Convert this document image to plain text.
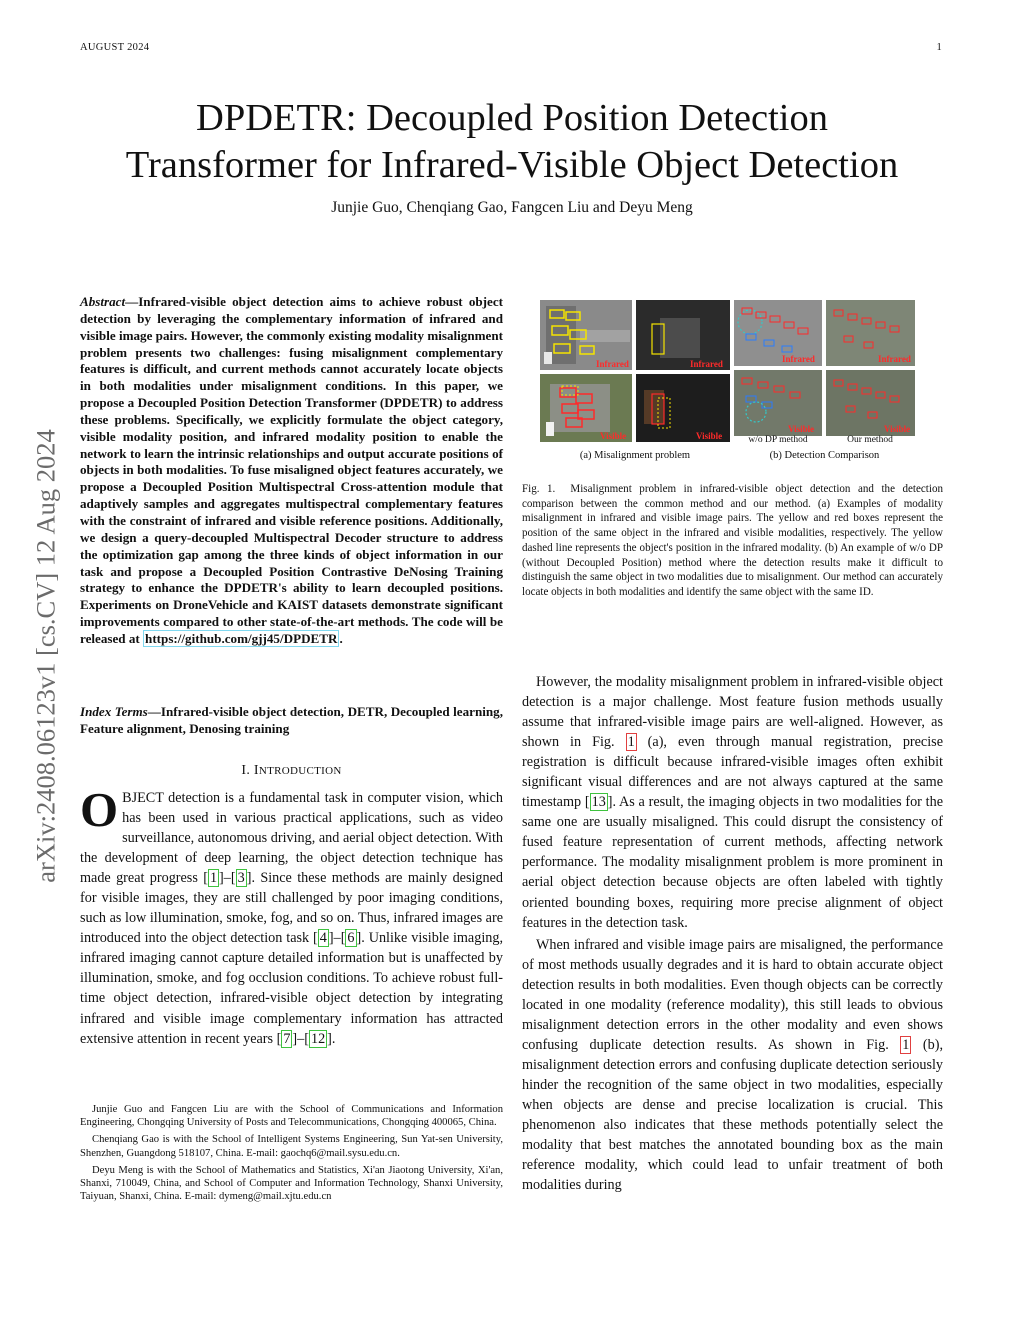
AUGUST 2024	1
arXiv:2408.06123v1 [cs.CV] 12 Aug 2024
DPDETR: Decoupled Position Detection
Transformer for Infrared-Visible Object Detection
Junjie Guo, Chenqiang Gao, Fangcen Liu and Deyu Meng
Abstract—Infrared-visible object detection aims to achieve robust object detection by leveraging the complementary information of infrared and visible image pairs. However, the commonly existing modality misalignment problem presents two challenges: fusing misalignment complementary features is difficult, and current methods cannot accurately locate objects in both modalities under misalignment conditions. In this paper, we propose a Decoupled Position Detection Transformer (DPDETR) to address these problems. Specifically, we explicitly formulate the object category, visible modality position, and infrared modality position to enable the network to learn the intrinsic relationships and output accurate positions of objects in both modalities. To fuse misaligned object features accurately, we propose a Decoupled Position Multispectral Cross-attention module that adaptively samples and aggregates multispectral complementary features with the constraint of infrared and visible reference positions. Additionally, we design a query-decoupled Multispectral Decoder structure to address the optimization gap among the three kinds of object information in our task and propose a Decoupled Position Contrastive DeNosing Training strategy to enhance the DPDETR's ability to learn decoupled positions. Experiments on DroneVehicle and KAIST datasets demonstrate significant improvements compared to other state-of-the-art methods. The code will be released at https://github.com/gjj45/DPDETR .
Index Terms—Infrared-visible object detection, DETR, Decoupled learning, Feature alignment, Denosing training
I. INTRODUCTION
OBJECT detection is a fundamental task in computer vision, which has been used in various practical applications, such as video surveillance, autonomous driving, and aerial object detection. With the development of deep learning, the object detection technique has made great progress [ 1 ]–[ 3 ]. Since these methods are mainly designed for visible images, they are still challenged by poor imaging conditions, such as low illumination, smoke, fog, and so on. Thus, infrared images are introduced into the object detection task [ 4 ]–[ 6 ]. Unlike visible imaging, infrared imaging cannot capture detailed information but is unaffected by illumination, smoke, and fog occlusion conditions. To achieve robust full-time object detection, infrared-visible object detection by integrating infrared and visible image complementary information has attracted extensive attention in recent years [ 7 ]–[ 12 ].

Junjie Guo and Fangcen Liu are with the School of Communications and Information Engineering, Chongqing University of Posts and Telecommunications, Chongqing 400065, China.

Chenqiang Gao is with the School of Intelligent Systems Engineering, Sun Yat-sen University, Shenzhen, Guangdong 518107, China. E-mail: gaochq6@mail.sysu.edu.cn.

Deyu Meng is with the School of Mathematics and Statistics, Xi'an Jiaotong University, Xi'an, Shanxi, 710049, China, and School of Computer and Information Technology, Shanxi University, Taiyuan, Shanxi, China. E-mail: dymeng@mail.xjtu.edu.cn

Infrared	Infrared
Visible	Visible
Infrared	Infrared
Visible	Visible
w/o DP method	Our method
(a) Misalignment problem	(b) Detection Comparison
Fig. 1. Misalignment problem in infrared-visible object detection and the detection comparison between the common method and our method. (a) Examples of modality misalignment in infrared and visible image pairs. The yellow and red boxes represent the position of the same object in the infrared and visible modalities, respectively. The yellow dashed line represents the object's position in the infrared modality. (b) An example of w/o DP (without Decoupled Position) method where the detection results make it difficult to distinguish the same object in two modalities due to misalignment. Our method can accurately locate objects in both modalities and identify the same object with the same ID.

However, the modality misalignment problem in infrared-visible object detection is a major challenge. Most feature fusion methods usually assume that infrared-visible image pairs are well-aligned. However, as shown in Fig. 1 (a), even through manual registration, precise registration is difficult because infrared-visible images often exhibit significant visual differences and are not always captured at the same timestamp [ 13 ]. As a result, the imaging objects in two modalities for the same one are usually misaligned. This could disrupt the consistency of fused feature representation of current methods, affecting network performance. The modality misalignment problem is more prominent in aerial object detection because objects are often labeled with tightly oriented bounding boxes, requiring more precise alignment of object features in the detection task.

When infrared and visible image pairs are misaligned, the performance of most methods usually degrades and it is hard to obtain accurate object detection results in both modalities. Even though objects can be correctly located in one modality (reference modality), this still leads to obvious misalignment detection errors in the other modality and even shows confusing duplicate detection results. As shown in Fig. 1 (b), misalignment detection errors and confusing duplicate detection seriously hinder the recognition of the same object in two modalities, especially when objects are dense and precise localization is crucial. This phenomenon also indicates that these methods potentially select the modality that best matches the annotated bounding box as the main reference modality, which could lead to unfair treatment of both modalities during
